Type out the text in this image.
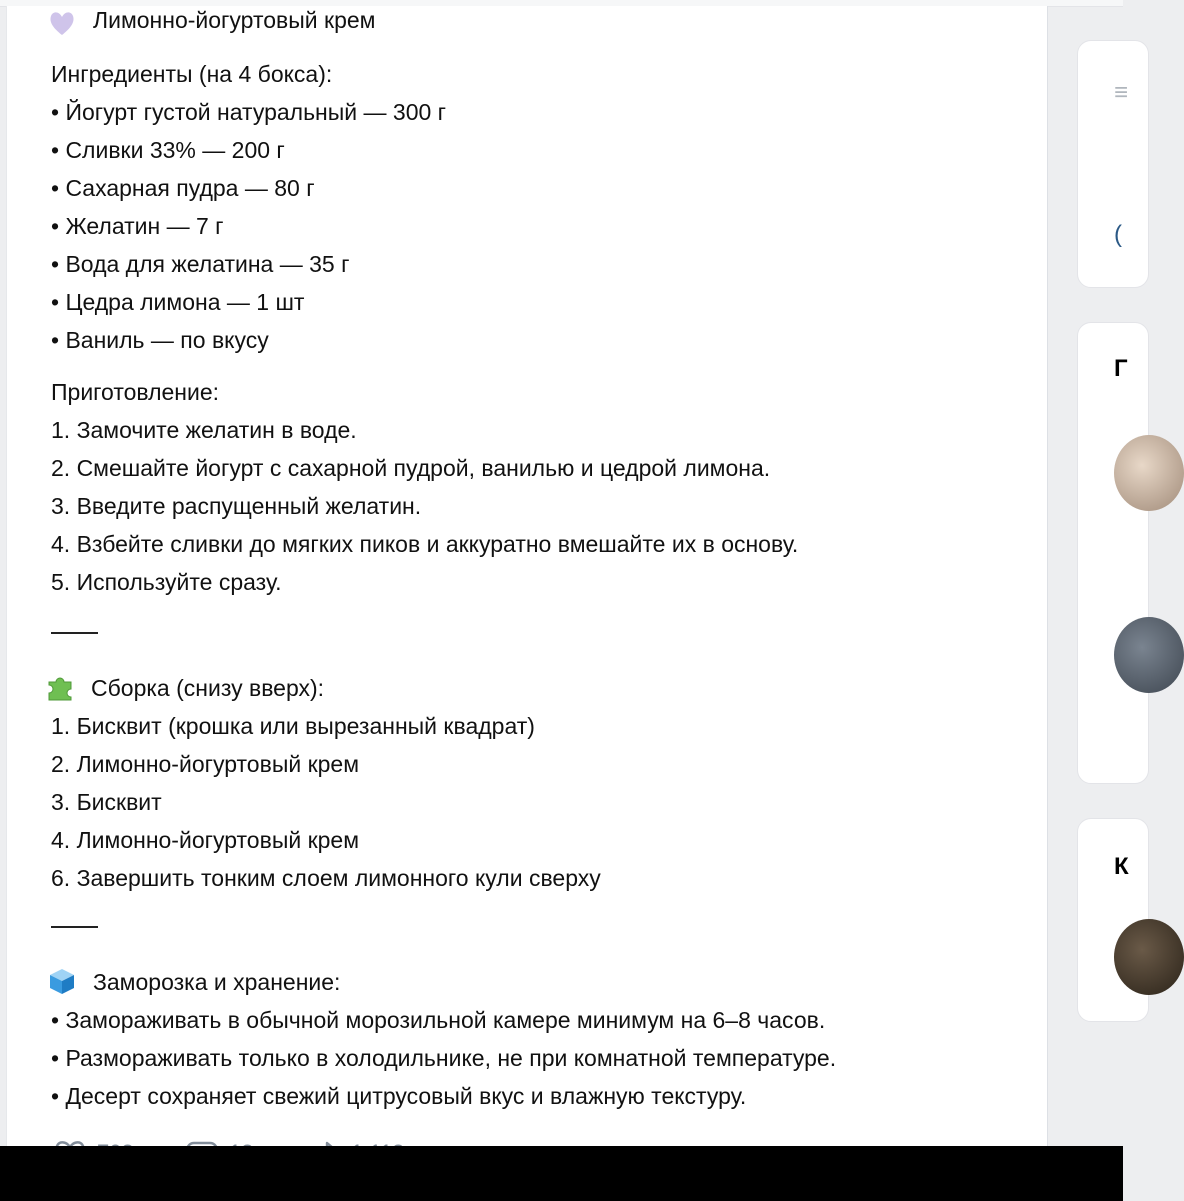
Лимонно-йогуртовый крем
Ингредиенты (на 4 бокса):
• Йогурт густой натуральный — 300 г
• Сливки 33% — 200 г
• Сахарная пудра — 80 г
• Желатин — 7 г
• Вода для желатина — 35 г
• Цедра лимона — 1 шт
• Ваниль — по вкусу
Приготовление:
1. Замочите желатин в воде.
2. Смешайте йогурт с сахарной пудрой, ванилью и цедрой лимона.
3. Введите распущенный желатин.
4. Взбейте сливки до мягких пиков и аккуратно вмешайте их в основу.
5. Используйте сразу.
Сборка (снизу вверх):
1. Бисквит (крошка или вырезанный квадрат)
2. Лимонно-йогуртовый крем
3. Бисквит
4. Лимонно-йогуртовый крем
6. Завершить тонким слоем лимонного кули сверху
Заморозка и хранение:
• Замораживать в обычной морозильной камере минимум на 6–8 часов.
• Размораживать только в холодильнике, не при комнатной температуре.
• Десерт сохраняет свежий цитрусовый вкус и влажную текстуру.
≡
(
Г
К
